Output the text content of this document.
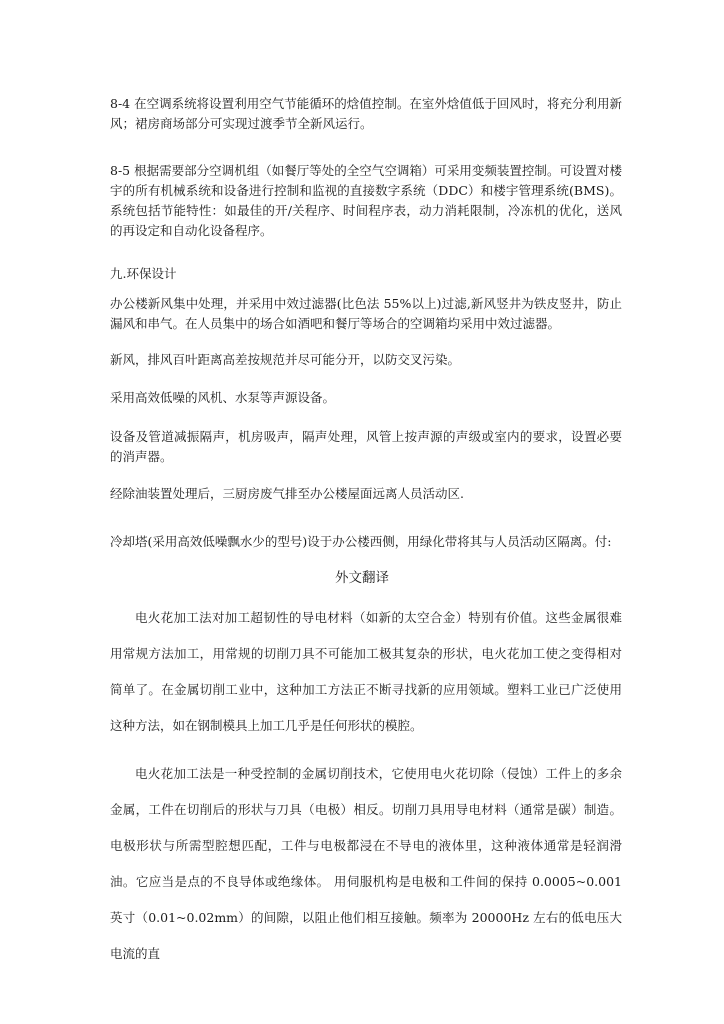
8-4 在空调系统将设置利用空气节能循环的焓值控制。在室外焓值低于回风时，将充分利用新风；裙房商场部分可实现过渡季节全新风运行。

8-5 根据需要部分空调机组（如餐厅等处的全空气空调箱）可采用变频装置控制。可设置对楼宇的所有机械系统和设备进行控制和监视的直接数字系统（DDC）和楼宇管理系统(BMS)。系统包括节能特性：如最佳的开/关程序、时间程序表，动力消耗限制，冷冻机的优化，送风的再设定和自动化设备程序。

九.环保设计

办公楼新风集中处理，并采用中效过滤器(比色法 55%以上)过滤,新风竖井为铁皮竖井，防止漏风和串气。在人员集中的场合如酒吧和餐厅等场合的空调箱均采用中效过滤器。

新风，排风百叶距离高差按规范并尽可能分开，以防交叉污染。

采用高效低噪的风机、水泵等声源设备。

设备及管道减振隔声，机房吸声，隔声处理，风管上按声源的声级或室内的要求，设置必要的消声器。

经除油装置处理后，三厨房废气排至办公楼屋面远离人员活动区.

冷却塔(采用高效低噪飘水少的型号)设于办公楼西侧，用绿化带将其与人员活动区隔离。付:

外文翻译

电火花加工法对加工超韧性的导电材料（如新的太空合金）特别有价值。这些金属很难用常规方法加工，用常规的切削刀具不可能加工极其复杂的形状，电火花加工使之变得相对简单了。在金属切削工业中，这种加工方法正不断寻找新的应用领域。塑料工业已广泛使用这种方法，如在钢制模具上加工几乎是任何形状的模腔。

电火花加工法是一种受控制的金属切削技术，它使用电火花切除（侵蚀）工件上的多余金属，工件在切削后的形状与刀具（电极）相反。切削刀具用导电材料（通常是碳）制造。电极形状与所需型腔想匹配，工件与电极都浸在不导电的液体里，这种液体通常是轻润滑油。它应当是点的不良导体或绝缘体。 用伺服机构是电极和工件间的保持 0.0005~0.001 英寸（0.01~0.02mm）的间隙，以阻止他们相互接触。频率为 20000Hz 左右的低电压大电流的直
